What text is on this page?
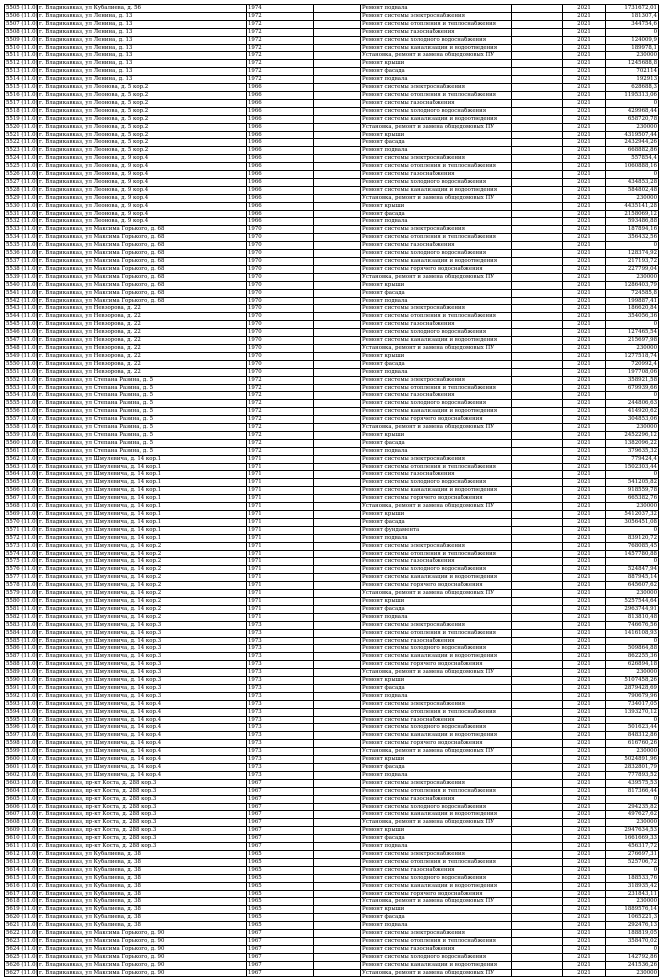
5505 (11.0)	г. Владикавказ, ул Кубалиева, д. 56	1974		Ремонт подвала		2021	1731672,01
5506 (11.0)	г. Владикавказ, ул Ленина, д. 13	1972		Ремонт системы электроснабжения		2021	181307,4
5507 (11.0)	г. Владикавказ, ул Ленина, д. 13	1972		Ремонт системы отопления и теплоснабжения		2021	344754,6
5508 (11.0)	г. Владикавказ, ул Ленина, д. 13	1972		Ремонт системы газоснабжения		2021	0
5509 (11.0)	г. Владикавказ, ул Ленина, д. 13	1972		Ремонт системы холодного водоснабжения		2021	124009,9
5510 (11.0)	г. Владикавказ, ул Ленина, д. 13	1972		Ремонт системы канализации и водоотведения		2021	189978,1
5511 (11.0)	г. Владикавказ, ул Ленина, д. 13	1972		Установка, ремонт и замена общедомовых ПУ		2021	230000
5512 (11.0)	г. Владикавказ, ул Ленина, д. 13	1972		Ремонт крыши		2021	1245688,8
5513 (11.0)	г. Владикавказ, ул Ленина, д. 13	1972		Ремонт фасада		2021	702114
5514 (11.0)	г. Владикавказ, ул Ленина, д. 13	1972		Ремонт подвала		2021	192913
5515 (11.0)	г. Владикавказ, ул Леонова, д. 5 кор.2	1966		Ремонт системы электроснабжения		2021	628688,3
5516 (11.0)	г. Владикавказ, ул Леонова, д. 5 кор.2	1966		Ремонт системы отопления и теплоснабжения		2021	1195313,06
5517 (11.0)	г. Владикавказ, ул Леонова, д. 5 кор.2	1966		Ремонт системы газоснабжения		2021	0
5518 (11.0)	г. Владикавказ, ул Леонова, д. 5 кор.2	1966		Ремонт системы холодного водоснабжения		2021	429968,44
5519 (11.0)	г. Владикавказ, ул Леонова, д. 5 кор.2	1966		Ремонт системы канализации и водоотведения		2021	658720,78
5520 (11.0)	г. Владикавказ, ул Леонова, д. 5 кор.2	1966		Установка, ремонт и замена общедомовых ПУ		2021	230000
5521 (11.0)	г. Владикавказ, ул Леонова, д. 5 кор.2	1966		Ремонт крыши		2021	4319507,44
5522 (11.0)	г. Владикавказ, ул Леонова, д. 5 кор.2	1966		Ремонт фасада		2021	2432944,26
5523 (11.0)	г. Владикавказ, ул Леонова, д. 5 кор.2	1966		Ремонт подвала		2021	668882,86
5524 (11.0)	г. Владикавказ, ул Леонова, д. 9 кор.4	1966		Ремонт системы электроснабжения		2021	557854,4
5525 (11.0)	г. Владикавказ, ул Леонова, д. 9 кор.4	1966		Ремонт системы отопления и теплоснабжения		2021	1060888,16
5526 (11.0)	г. Владикавказ, ул Леонова, д. 9 кор.4	1966		Ремонт системы газоснабжения		2021	0
5527 (11.0)	г. Владикавказ, ул Леонова, д. 9 кор.4	1966		Ремонт системы холодного водоснабжения		2021	434853,28
5528 (11.0)	г. Владикавказ, ул Леонова, д. 9 кор.4	1966		Ремонт системы канализации и водоотведения		2021	584802,48
5529 (11.0)	г. Владикавказ, ул Леонова, д. 9 кор.4	1966		Установка, ремонт и замена общедомовых ПУ		2021	230000
5530 (11.0)	г. Владикавказ, ул Леонова, д. 9 кор.4	1966		Ремонт крыши		2021	4435141,28
5531 (11.0)	г. Владикавказ, ул Леонова, д. 9 кор.4	1966		Ремонт фасада		2021	2158069,12
5532 (11.0)	г. Владикавказ, ул Леонова, д. 9 кор.4	1966		Ремонт подвала		2021	593486,88
5533 (11.0)	г. Владикавказ, ул Максима Горького, д. 68	1970		Ремонт системы электроснабжения		2021	187894,16
5534 (11.0)	г. Владикавказ, ул Максима Горького, д. 68	1970		Ремонт системы отопления и теплоснабжения		2021	356432,56
5535 (11.0)	г. Владикавказ, ул Максима Горького, д. 68	1970		Ремонт системы газоснабжения		2021	0
5536 (11.0)	г. Владикавказ, ул Максима Горького, д. 68	1970		Ремонт системы холодного водоснабжения		2021	128374,92
5537 (11.0)	г. Владикавказ, ул Максима Горького, д. 68	1970		Ремонт системы канализации и водоотведения		2021	217193,72
5538 (11.0)	г. Владикавказ, ул Максима Горького, д. 68	1970		Ремонт системы горячего водоснабжения		2021	227799,04
5539 (11.0)	г. Владикавказ, ул Максима Горького, д. 68	1970		Установка, ремонт и замена общедомовых ПУ		2021	230000
5540 (11.0)	г. Владикавказ, ул Максима Горького, д. 68	1970		Ремонт крыши		2021	1286403,79
5541 (11.0)	г. Владикавказ, ул Максима Горького, д. 68	1970		Ремонт фасада		2021	724585,8
5542 (11.0)	г. Владикавказ, ул Максима Горького, д. 68	1970		Ремонт подвала		2021	199887,41
5543 (11.0)	г. Владикавказ, ул Невзорова, д. 22	1970		Ремонт системы электроснабжения		2021	186620,84
5544 (11.0)	г. Владикавказ, ул Невзорова, д. 22	1970		Ремонт системы отопления и теплоснабжения		2021	354056,36
5545 (11.0)	г. Владикавказ, ул Невзорова, д. 22	1970		Ремонт системы газоснабжения		2021	0
5546 (11.0)	г. Владикавказ, ул Невзорова, д. 22	1970		Ремонт системы холодного водоснабжения		2021	127465,54
5547 (11.0)	г. Владикавказ, ул Невзорова, д. 22	1970		Ремонт системы канализации и водоотведения		2021	215697,98
5548 (11.0)	г. Владикавказ, ул Невзорова, д. 22	1970		Установка, ремонт и замена общедомовых ПУ		2021	230000
5549 (11.0)	г. Владикавказ, ул Невзорова, д. 22	1970		Ремонт крыши		2021	1277518,74
5550 (11.0)	г. Владикавказ, ул Невзорова, д. 22	1970		Ремонт фасада		2021	720992,4
5551 (11.0)	г. Владикавказ, ул Невзорова, д. 22	1970		Ремонт подвала		2021	197708,06
5552 (11.0)	г. Владикавказ, ул Степана Разина, д. 5	1972		Ремонт системы электроснабжения		2021	358921,58
5553 (11.0)	г. Владикавказ, ул Степана Разина, д. 5	1972		Ремонт системы отопления и теплоснабжения		2021	679939,66
5554 (11.0)	г. Владикавказ, ул Степана Разина, д. 5	1972		Ремонт системы газоснабжения		2021	0
5555 (11.0)	г. Владикавказ, ул Степана Разина, д. 5	1972		Ремонт системы холодного водоснабжения		2021	244806,63
5556 (11.0)	г. Владикавказ, ул Степана Разина, д. 5	1972		Ремонт системы канализации и водоотведения		2021	414920,62
5557 (11.0)	г. Владикавказ, ул Степана Разина, д. 5	1972		Ремонт системы горячего водоснабжения		2021	304853,06
5558 (11.0)	г. Владикавказ, ул Степана Разина, д. 5	1972		Установка, ремонт и замена общедомовых ПУ		2021	230000
5559 (11.0)	г. Владикавказ, ул Степана Разина, д. 5	1972		Ремонт крыши		2021	2452296,12
5560 (11.0)	г. Владикавказ, ул Степана Разина, д. 5	1972		Ремонт фасада		2021	1382096,22
5561 (11.0)	г. Владикавказ, ул Степана Разина, д. 5	1972		Ремонт подвала		2021	379635,32
5562 (11.0)	г. Владикавказ, ул Шмулевича, д. 14 кор.1	1971		Ремонт системы электроснабжения		2021	779424,4
5563 (11.0)	г. Владикавказ, ул Шмулевича, д. 14 кор.1	1971		Ремонт системы отопления и теплоснабжения		2021	1502303,44
5564 (11.0)	г. Владикавказ, ул Шмулевича, д. 14 кор.1	1971		Ремонт системы газоснабжения		2021	0
5565 (11.0)	г. Владикавказ, ул Шмулевича, д. 14 кор.1	1971		Ремонт системы холодного водоснабжения		2021	541205,82
5566 (11.0)	г. Владикавказ, ул Шмулевича, д. 14 кор.1	1971		Ремонт системы канализации и водоотведения		2021	918559,78
5567 (11.0)	г. Владикавказ, ул Шмулевича, д. 14 кор.1	1971		Ремонт системы горячего водоснабжения		2021	665382,76
5568 (11.0)	г. Владикавказ, ул Шмулевича, д. 14 кор.1	1971		Установка, ремонт и замена общедомовых ПУ		2021	230000
5569 (11.0)	г. Владикавказ, ул Шмулевича, д. 14 кор.1	1971		Ремонт крыши		2021	5412037,32
5570 (11.0)	г. Владикавказ, ул Шмулевича, д. 14 кор.1	1971		Ремонт фасада		2021	3056451,08
5571 (11.0)	г. Владикавказ, ул Шмулевича, д. 14 кор.1	1971		Ремонт фундамента		2021	0
5572 (11.0)	г. Владикавказ, ул Шмулевича, д. 14 кор.1	1971		Ремонт подвала		2021	839120,72
5573 (11.0)	г. Владикавказ, ул Шмулевича, д. 14 кор.2	1971		Ремонт системы электроснабжения		2021	768085,45
5574 (11.0)	г. Владикавказ, ул Шмулевича, д. 14 кор.2	1971		Ремонт системы отопления и теплоснабжения		2021	1457780,88
5575 (11.0)	г. Владикавказ, ул Шмулевича, д. 14 кор.2	1971		Ремонт системы газоснабжения		2021	0
5576 (11.0)	г. Владикавказ, ул Шмулевича, д. 14 кор.2	1971		Ремонт системы холодного водоснабжения		2021	524847,94
5577 (11.0)	г. Владикавказ, ул Шмулевича, д. 14 кор.2	1971		Ремонт системы канализации и водоотведения		2021	887945,14
5578 (11.0)	г. Владикавказ, ул Шмулевича, д. 14 кор.2	1971		Ремонт системы горячего водоснабжения		2021	645607,62
5579 (11.0)	г. Владикавказ, ул Шмулевича, д. 14 кор.2	1971		Установка, ремонт и замена общедомовых ПУ		2021	230000
5580 (11.0)	г. Владикавказ, ул Шмулевича, д. 14 кор.2	1971		Ремонт крыши		2021	5257544,64
5581 (11.0)	г. Владикавказ, ул Шмулевича, д. 14 кор.2	1971		Ремонт фасада		2021	2963744,91
5582 (11.0)	г. Владикавказ, ул Шмулевича, д. 14 кор.2	1971		Ремонт подвала		2021	813810,48
5583 (11.0)	г. Владикавказ, ул Шмулевича, д. 14 кор.3	1973		Ремонт системы электроснабжения		2021	746676,56
5584 (11.0)	г. Владикавказ, ул Шмулевича, д. 14 кор.3	1973		Ремонт системы отопления и теплоснабжения		2021	1416108,93
5585 (11.0)	г. Владикавказ, ул Шмулевича, д. 14 кор.3	1973		Ремонт системы газоснабжения		2021	0
5586 (11.0)	г. Владикавказ, ул Шмулевича, д. 14 кор.3	1973		Ремонт системы холодного водоснабжения		2021	509864,88
5587 (11.0)	г. Владикавказ, ул Шмулевича, д. 14 кор.3	1973		Ремонт системы канализации и водоотведения		2021	862255,36
5588 (11.0)	г. Владикавказ, ул Шмулевича, д. 14 кор.3	1973		Ремонт системы горячего водоснабжения		2021	626894,18
5589 (11.0)	г. Владикавказ, ул Шмулевича, д. 14 кор.3	1973		Установка, ремонт и замена общедомовых ПУ		2021	230000
5590 (11.0)	г. Владикавказ, ул Шмулевича, д. 14 кор.3	1973		Ремонт крыши		2021	5107458,26
5591 (11.0)	г. Владикавказ, ул Шмулевича, д. 14 кор.3	1973		Ремонт фасада		2021	2879428,69
5592 (11.0)	г. Владикавказ, ул Шмулевича, д. 14 кор.3	1973		Ремонт подвала		2021	790679,96
5593 (11.0)	г. Владикавказ, ул Шмулевича, д. 14 кор.4	1973		Ремонт системы электроснабжения		2021	734017,05
5594 (11.0)	г. Владикавказ, ул Шмулевича, д. 14 кор.4	1973		Ремонт системы отопления и теплоснабжения		2021	1393270,12
5595 (11.0)	г. Владикавказ, ул Шмулевича, д. 14 кор.4	1973		Ремонт системы газоснабжения		2021	0
5596 (11.0)	г. Владикавказ, ул Шмулевича, д. 14 кор.4	1973		Ремонт системы холодного водоснабжения		2021	501623,44
5597 (11.0)	г. Владикавказ, ул Шмулевича, д. 14 кор.4	1973		Ремонт системы канализации и водоотведения		2021	848312,86
5598 (11.0)	г. Владикавказ, ул Шмулевича, д. 14 кор.4	1973		Ремонт системы горячего водоснабжения		2021	616760,26
5599 (11.0)	г. Владикавказ, ул Шмулевича, д. 14 кор.4	1973		Установка, ремонт и замена общедомовых ПУ		2021	230000
5600 (11.0)	г. Владикавказ, ул Шмулевича, д. 14 кор.4	1973		Ремонт крыши		2021	5024891,96
5601 (11.0)	г. Владикавказ, ул Шмулевича, д. 14 кор.4	1973		Ремонт фасада		2021	2832801,79
5602 (11.0)	г. Владикавказ, ул Шмулевича, д. 14 кор.4	1973		Ремонт подвала		2021	777893,52
5603 (11.0)	г. Владикавказ, пр-кт Коста, д. 288 кор.3	1967		Ремонт системы электроснабжения		2021	439575,53
5604 (11.0)	г. Владикавказ, пр-кт Коста, д. 288 кор.3	1967		Ремонт системы отопления и теплоснабжения		2021	817366,44
5605 (11.0)	г. Владикавказ, пр-кт Коста, д. 288 кор.3	1967		Ремонт системы газоснабжения		2021	0
5606 (11.0)	г. Владикавказ, пр-кт Коста, д. 288 кор.3	1967		Ремонт системы холодного водоснабжения		2021	294235,82
5607 (11.0)	г. Владикавказ, пр-кт Коста, д. 288 кор.3	1967		Ремонт системы канализации и водоотведения		2021	497627,62
5608 (11.0)	г. Владикавказ, пр-кт Коста, д. 288 кор.3	1967		Установка, ремонт и замена общедомовых ПУ		2021	230000
5609 (11.0)	г. Владикавказ, пр-кт Коста, д. 288 кор.3	1967		Ремонт крыши		2021	2947634,53
5610 (11.0)	г. Владикавказ, пр-кт Коста, д. 288 кор.3	1967		Ремонт фасада		2021	1661669,33
5611 (11.0)	г. Владикавказ, пр-кт Коста, д. 288 кор.3	1967		Ремонт подвала		2021	456317,72
5612 (11.0)	г. Владикавказ, ул Кубалиева, д. 38	1965		Ремонт системы электроснабжения		2021	276697,31
5613 (11.0)	г. Владикавказ, ул Кубалиева, д. 38	1965		Ремонт системы отопления и теплоснабжения		2021	525706,72
5614 (11.0)	г. Владикавказ, ул Кубалиева, д. 38	1965		Ремонт системы газоснабжения		2021	0
5615 (11.0)	г. Владикавказ, ул Кубалиева, д. 38	1965		Ремонт системы холодного водоснабжения		2021	188533,76
5616 (11.0)	г. Владикавказ, ул Кубалиева, д. 38	1965		Ремонт системы канализации и водоотведения		2021	318935,42
5617 (11.0)	г. Владикавказ, ул Кубалиева, д. 38	1965		Ремонт системы горячего водоснабжения		2021	231843,11
5618 (11.0)	г. Владикавказ, ул Кубалиева, д. 38	1965		Установка, ремонт и замена общедомовых ПУ		2021	230000
5619 (11.0)	г. Владикавказ, ул Кубалиева, д. 38	1965		Ремонт крыши		2021	1889576,14
5620 (11.0)	г. Владикавказ, ул Кубалиева, д. 38	1965		Ремонт фасада		2021	1065221,3
5621 (11.0)	г. Владикавказ, ул Кубалиева, д. 38	1965		Ремонт подвала		2021	292476,13
5622 (11.0)	г. Владикавказ, ул Максима Горького, д. 90	1967		Ремонт системы электроснабжения		2021	188819,05
5623 (11.0)	г. Владикавказ, ул Максима Горького, д. 90	1967		Ремонт системы отопления и теплоснабжения		2021	358470,02
5624 (11.0)	г. Владикавказ, ул Максима Горького, д. 90	1967		Ремонт системы газоснабжения		2021	0
5625 (11.0)	г. Владикавказ, ул Максима Горького, д. 90	1967		Ремонт системы холодного водоснабжения		2021	142792,86
5626 (11.0)	г. Владикавказ, ул Максима Горького, д. 90	1967		Ремонт системы канализации и водоотведения		2021	241536,26
5627 (11.0)	г. Владикавказ, ул Максима Горького, д. 90	1967		Установка, ремонт и замена общедомовых ПУ		2021	230000
